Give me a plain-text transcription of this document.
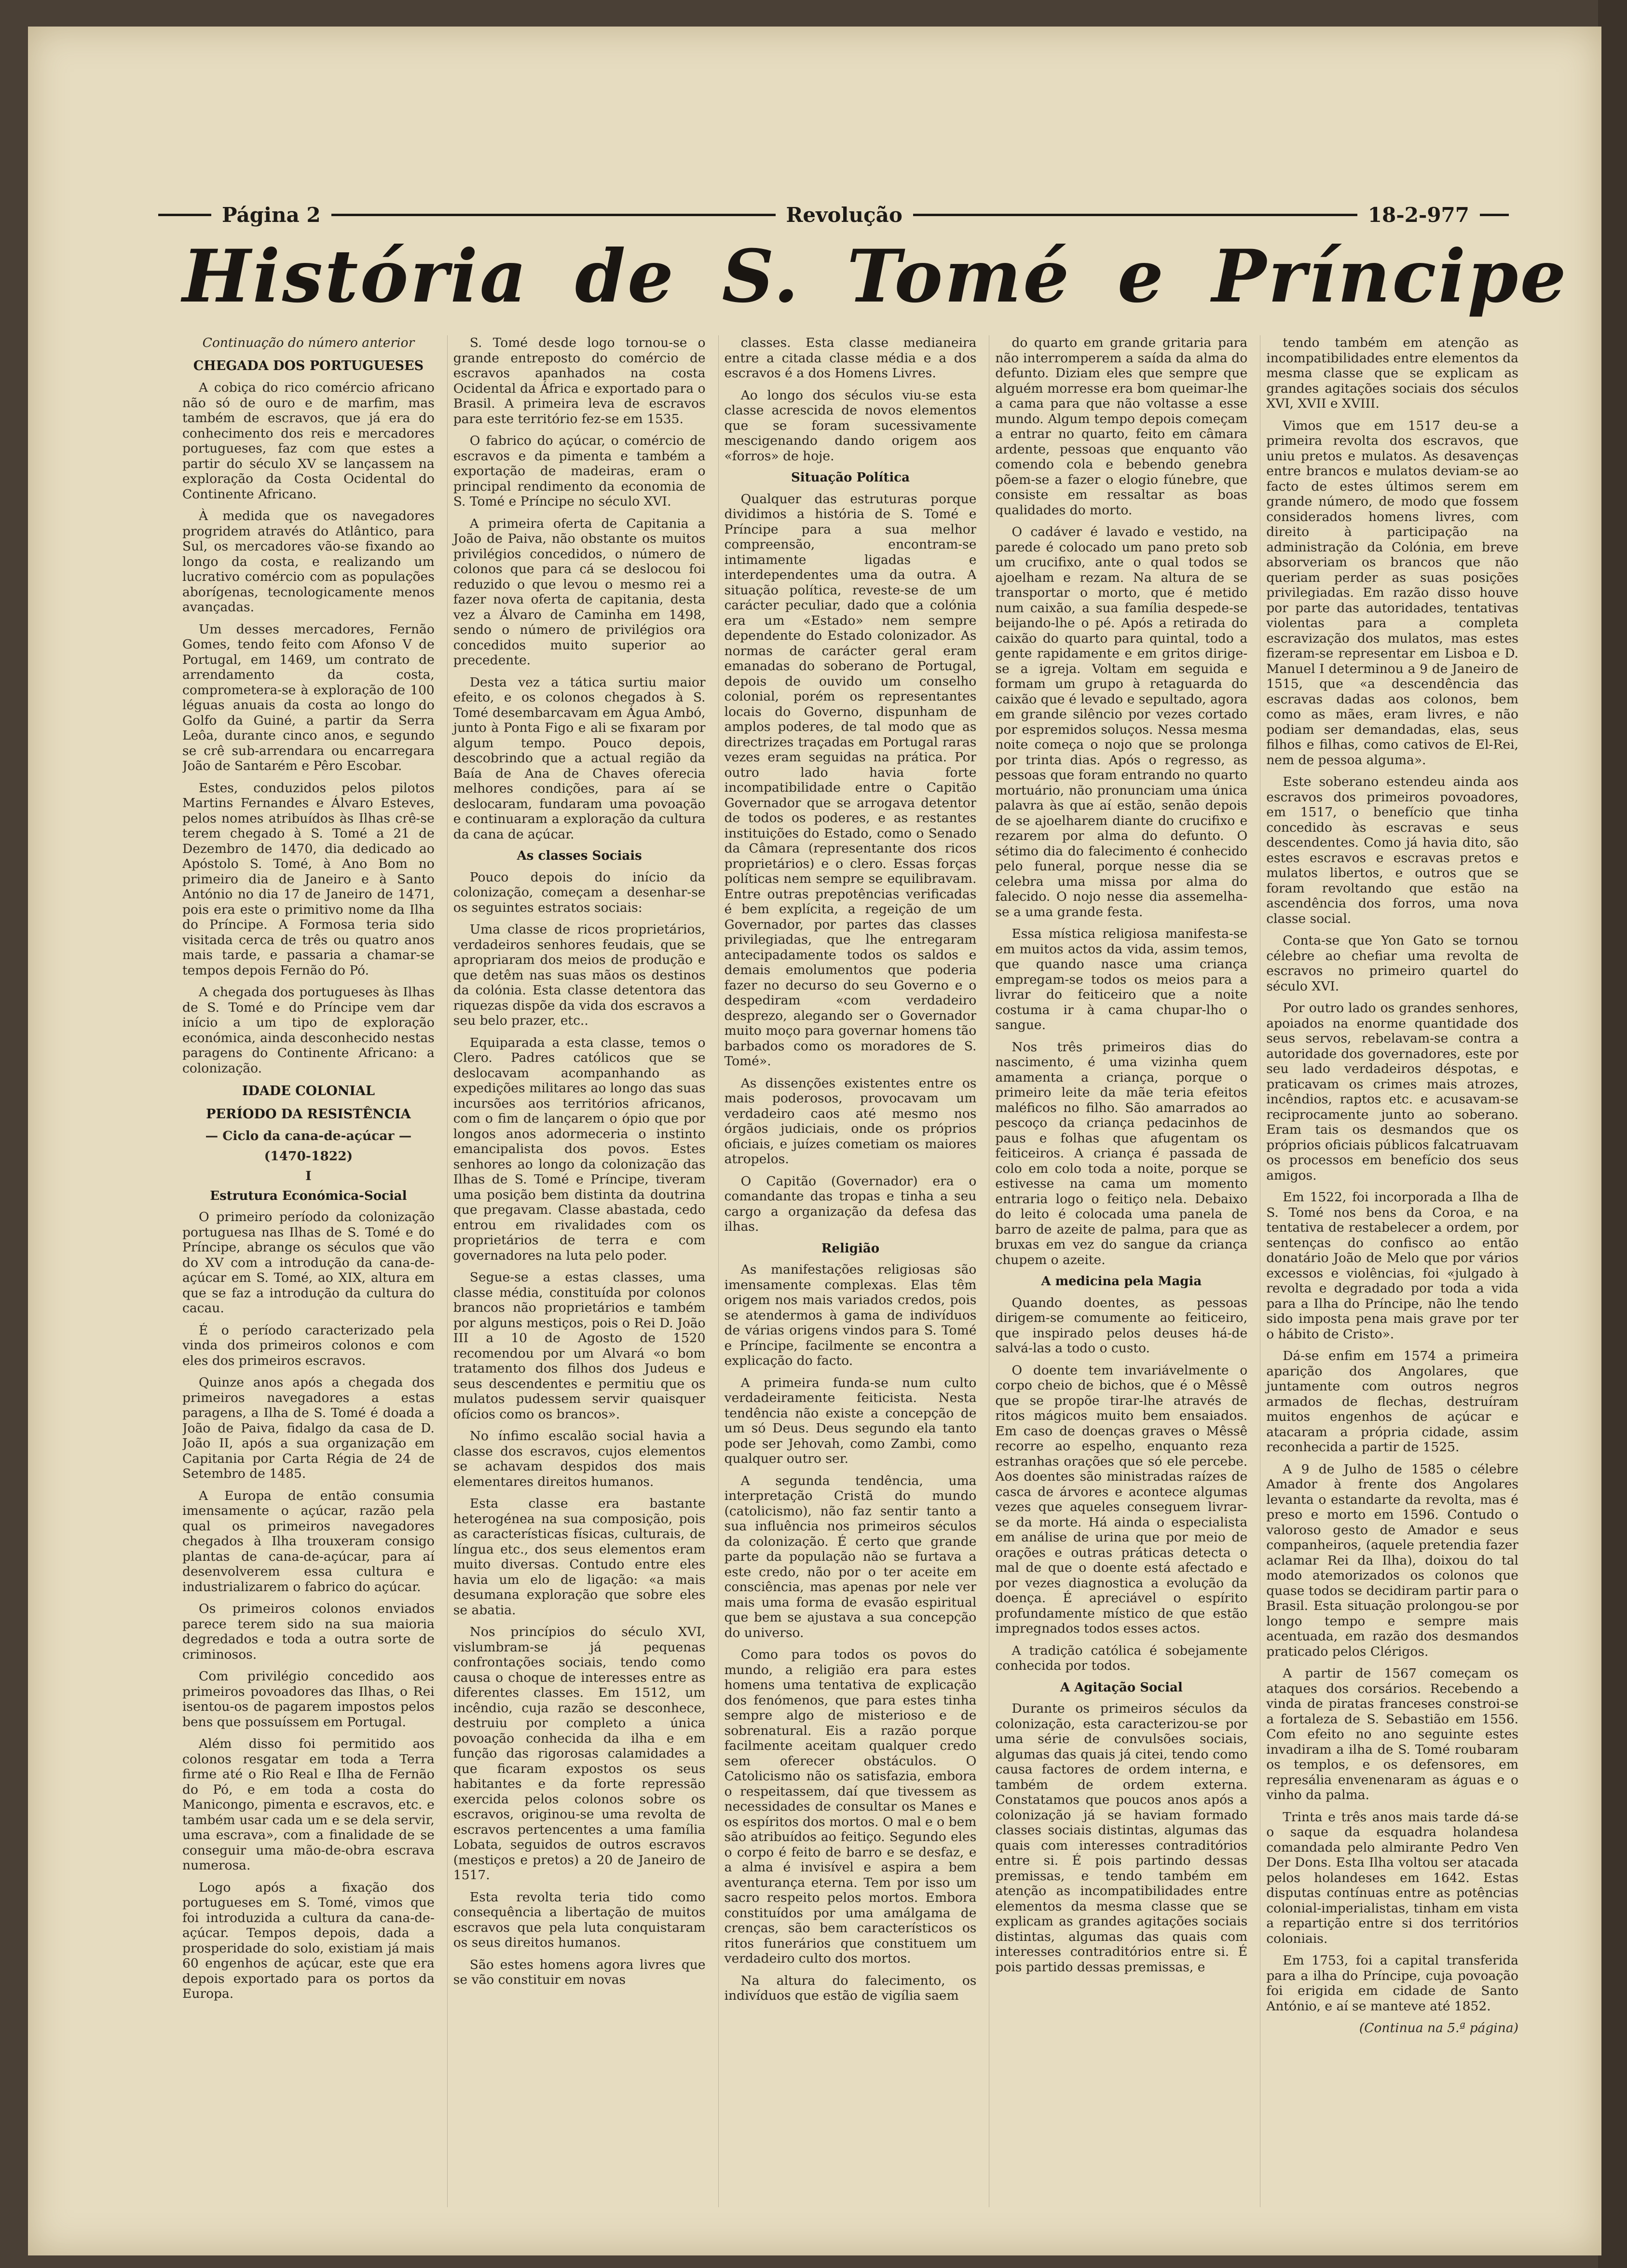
Página 2	Revolução	18-2-977
História de S. Tomé e Príncipe

Continuação do número anterior

CHEGADA DOS PORTUGUESES

A cobiça do rico comércio africano não só de ouro e de marfim, mas também de escravos, que já era do conhecimento dos reis e mercadores portugueses, faz com que estes a partir do século XV se lançassem na exploração da Costa Ocidental do Continente Africano.

À medida que os navegadores progridem através do Atlântico, para Sul, os mercadores vão-se fixando ao longo da costa, e realizando um lucrativo comércio com as populações aborígenas, tecnologicamente menos avançadas.

Um desses mercadores, Fernão Gomes, tendo feito com Afonso V de Portugal, em 1469, um contrato de arrendamento da costa, comprometera-se à exploração de 100 léguas anuais da costa ao longo do Golfo da Guiné, a partir da Serra Leôa, durante cinco anos, e segundo se crê sub-arrendara ou encarregara João de Santarém e Pêro Escobar.

Estes, conduzidos pelos pilotos Martins Fernandes e Álvaro Esteves, pelos nomes atribuídos às Ilhas crê-se terem chegado à S. Tomé a 21 de Dezembro de 1470, dia dedicado ao Apóstolo S. Tomé, à Ano Bom no primeiro dia de Janeiro e à Santo António no dia 17 de Janeiro de 1471, pois era este o primitivo nome da Ilha do Príncipe. A Formosa teria sido visitada cerca de três ou quatro anos mais tarde, e passaria a chamar-se tempos depois Fernão do Pó.

A chegada dos portugueses às Ilhas de S. Tomé e do Príncipe vem dar início a um tipo de exploração económica, ainda desconhecido nestas paragens do Continente Africano: a colonização.

IDADE COLONIAL
PERÍODO DA RESISTÊNCIA

— Ciclo da cana-de-açúcar —

(1470-1822)

I

Estrutura Económica-Social

O primeiro período da colonização portuguesa nas Ilhas de S. Tomé e do Príncipe, abrange os séculos que vão do XV com a introdução da cana-de-açúcar em S. Tomé, ao XIX, altura em que se faz a introdução da cultura do cacau.

É o período caracterizado pela vinda dos primeiros colonos e com eles dos primeiros escravos.

Quinze anos após a chegada dos primeiros navegadores a estas paragens, a Ilha de S. Tomé é doada a João de Paiva, fidalgo da casa de D. João II, após a sua organização em Capitania por Carta Régia de 24 de Setembro de 1485.

A Europa de então consumia imensamente o açúcar, razão pela qual os primeiros navegadores chegados à Ilha trouxeram consigo plantas de cana-de-açúcar, para aí desenvolverem essa cultura e industrializarem o fabrico do açúcar.

Os primeiros colonos enviados parece terem sido na sua maioria degredados e toda a outra sorte de criminosos.

Com privilégio concedido aos primeiros povoadores das Ilhas, o Rei isentou-os de pagarem impostos pelos bens que possuíssem em Portugal.

Além disso foi permitido aos colonos resgatar em toda a Terra firme até o Rio Real e Ilha de Fernão do Pó, e em toda a costa do Manicongo, pimenta e escravos, etc. e também usar cada um e se dela servir, uma escrava», com a finalidade de se conseguir uma mão-de-obra escrava numerosa.

Logo após a fixação dos portugueses em S. Tomé, vimos que foi introduzida a cultura da cana-de-açúcar. Tempos depois, dada a prosperidade do solo, existiam já mais 60 engenhos de açúcar, este que era depois exportado para os portos da Europa.

S. Tomé desde logo tornou-se o grande entreposto do comércio de escravos apanhados na costa Ocidental da África e exportado para o Brasil. A primeira leva de escravos para este território fez-se em 1535.

O fabrico do açúcar, o comércio de escravos e da pimenta e também a exportação de madeiras, eram o principal rendimento da economia de S. Tomé e Príncipe no século XVI.

A primeira oferta de Capitania a João de Paiva, não obstante os muitos privilégios concedidos, o número de colonos que para cá se deslocou foi reduzido o que levou o mesmo rei a fazer nova oferta de capitania, desta vez a Álvaro de Caminha em 1498, sendo o número de privilégios ora concedidos muito superior ao precedente.

Desta vez a tática surtiu maior efeito, e os colonos chegados à S. Tomé desembarcavam em Água Ambó, junto à Ponta Figo e ali se fixaram por algum tempo. Pouco depois, descobrindo que a actual região da Baía de Ana de Chaves oferecia melhores condições, para aí se deslocaram, fundaram uma povoação e continuaram a exploração da cultura da cana de açúcar.

As classes Sociais

Pouco depois do início da colonização, começam a desenhar-se os seguintes estratos sociais:

Uma classe de ricos proprietários, verdadeiros senhores feudais, que se apropriaram dos meios de produção e que detêm nas suas mãos os destinos da colónia. Esta classe detentora das riquezas dispõe da vida dos escravos a seu belo prazer, etc..

Equiparada a esta classe, temos o Clero. Padres católicos que se deslocavam acompanhando as expedições militares ao longo das suas incursões aos territórios africanos, com o fim de lançarem o ópio que por longos anos adormeceria o instinto emancipalista dos povos. Estes senhores ao longo da colonização das Ilhas de S. Tomé e Príncipe, tiveram uma posição bem distinta da doutrina que pregavam. Classe abastada, cedo entrou em rivalidades com os proprietários de terra e com governadores na luta pelo poder.

Segue-se a estas classes, uma classe média, constituída por colonos brancos não proprietários e também por alguns mestiços, pois o Rei D. João III a 10 de Agosto de 1520 recomendou por um Alvará «o bom tratamento dos filhos dos Judeus e seus descendentes e permitiu que os mulatos pudessem servir quaisquer ofícios como os brancos».

No ínfimo escalão social havia a classe dos escravos, cujos elementos se achavam despidos dos mais elementares direitos humanos.

Esta classe era bastante heterogénea na sua composição, pois as características físicas, culturais, de língua etc., dos seus elementos eram muito diversas. Contudo entre eles havia um elo de ligação: «a mais desumana exploração que sobre eles se abatia.

Nos princípios do século XVI, vislumbram-se já pequenas confrontações sociais, tendo como causa o choque de interesses entre as diferentes classes. Em 1512, um incêndio, cuja razão se desconhece, destruiu por completo a única povoação conhecida da ilha e em função das rigorosas calamidades a que ficaram expostos os seus habitantes e da forte repressão exercida pelos colonos sobre os escravos, originou-se uma revolta de escravos pertencentes a uma família Lobata, seguidos de outros escravos (mestiços e pretos) a 20 de Janeiro de 1517.

Esta revolta teria tido como consequência a libertação de muitos escravos que pela luta conquistaram os seus direitos humanos.

São estes homens agora livres que se vão constituir em novas

classes. Esta classe medianeira entre a citada classe média e a dos escravos é a dos Homens Livres.

Ao longo dos séculos viu-se esta classe acrescida de novos elementos que se foram sucessivamente mescigenando dando origem aos «forros» de hoje.

Situação Política

Qualquer das estruturas porque dividimos a história de S. Tomé e Príncipe para a sua melhor compreensão, encontram-se intimamente ligadas e interdependentes uma da outra. A situação política, reveste-se de um carácter peculiar, dado que a colónia era um «Estado» nem sempre dependente do Estado colonizador. As normas de carácter geral eram emanadas do soberano de Portugal, depois de ouvido um conselho colonial, porém os representantes locais do Governo, dispunham de amplos poderes, de tal modo que as directrizes traçadas em Portugal raras vezes eram seguidas na prática. Por outro lado havia forte incompatibilidade entre o Capitão Governador que se arrogava detentor de todos os poderes, e as restantes instituições do Estado, como o Senado da Câmara (representante dos ricos proprietários) e o clero. Essas forças políticas nem sempre se equilibravam. Entre outras prepotências verificadas é bem explícita, a regeição de um Governador, por partes das classes privilegiadas, que lhe entregaram antecipadamente todos os saldos e demais emolumentos que poderia fazer no decurso do seu Governo e o despediram «com verdadeiro desprezo, alegando ser o Governador muito moço para governar homens tão barbados como os moradores de S. Tomé».

As dissenções existentes entre os mais poderosos, provocavam um verdadeiro caos até mesmo nos órgãos judiciais, onde os próprios oficiais, e juízes cometiam os maiores atropelos.

O Capitão (Governador) era o comandante das tropas e tinha a seu cargo a organização da defesa das ilhas.

Religião

As manifestações religiosas são imensamente complexas. Elas têm origem nos mais variados credos, pois se atendermos à gama de indivíduos de várias origens vindos para S. Tomé e Príncipe, facilmente se encontra a explicação do facto.

A primeira funda-se num culto verdadeiramente feiticista. Nesta tendência não existe a concepção de um só Deus. Deus segundo ela tanto pode ser Jehovah, como Zambi, como qualquer outro ser.

A segunda tendência, uma interpretação Cristã do mundo (catolicismo), não faz sentir tanto a sua influência nos primeiros séculos da colonização. É certo que grande parte da população não se furtava a este credo, não por o ter aceite em consciência, mas apenas por nele ver mais uma forma de evasão espiritual que bem se ajustava a sua concepção do universo.

Como para todos os povos do mundo, a religião era para estes homens uma tentativa de explicação dos fenómenos, que para estes tinha sempre algo de misterioso e de sobrenatural. Eis a razão porque facilmente aceitam qualquer credo sem oferecer obstáculos. O Catolicismo não os satisfazia, embora o respeitassem, daí que tivessem as necessidades de consultar os Manes e os espíritos dos mortos. O mal e o bem são atribuídos ao feitiço. Segundo eles o corpo é feito de barro e se desfaz, e a alma é invisível e aspira a bem aventurança eterna. Tem por isso um sacro respeito pelos mortos. Embora constituídos por uma amálgama de crenças, são bem característicos os ritos funerários que constituem um verdadeiro culto dos mortos.

Na altura do falecimento, os indivíduos que estão de vigília saem

do quarto em grande gritaria para não interromperem a saída da alma do defunto. Diziam eles que sempre que alguém morresse era bom queimar-lhe a cama para que não voltasse a esse mundo. Algum tempo depois começam a entrar no quarto, feito em câmara ardente, pessoas que enquanto vão comendo cola e bebendo genebra põem-se a fazer o elogio fúnebre, que consiste em ressaltar as boas qualidades do morto.

O cadáver é lavado e vestido, na parede é colocado um pano preto sob um crucifixo, ante o qual todos se ajoelham e rezam. Na altura de se transportar o morto, que é metido num caixão, a sua família despede-se beijando-lhe o pé. Após a retirada do caixão do quarto para quintal, todo a gente rapidamente e em gritos dirige-se a igreja. Voltam em seguida e formam um grupo à retaguarda do caixão que é levado e sepultado, agora em grande silêncio por vezes cortado por espremidos soluços. Nessa mesma noite começa o nojo que se prolonga por trinta dias. Após o regresso, as pessoas que foram entrando no quarto mortuário, não pronunciam uma única palavra às que aí estão, senão depois de se ajoelharem diante do crucifixo e rezarem por alma do defunto. O sétimo dia do falecimento é conhecido pelo funeral, porque nesse dia se celebra uma missa por alma do falecido. O nojo nesse dia assemelha-se a uma grande festa.

Essa mística religiosa manifesta-se em muitos actos da vida, assim temos, que quando nasce uma criança empregam-se todos os meios para a livrar do feiticeiro que a noite costuma ir à cama chupar-lho o sangue.

Nos três primeiros dias do nascimento, é uma vizinha quem amamenta a criança, porque o primeiro leite da mãe teria efeitos maléficos no filho. São amarrados ao pescoço da criança pedacinhos de paus e folhas que afugentam os feiticeiros. A criança é passada de colo em colo toda a noite, porque se estivesse na cama um momento entraria logo o feitiço nela. Debaixo do leito é colocada uma panela de barro de azeite de palma, para que as bruxas em vez do sangue da criança chupem o azeite.

A medicina pela Magia

Quando doentes, as pessoas dirigem-se comumente ao feiticeiro, que inspirado pelos deuses há-de salvá-las a todo o custo.

O doente tem invariávelmente o corpo cheio de bichos, que é o Mêssê que se propõe tirar-lhe através de ritos mágicos muito bem ensaiados. Em caso de doenças graves o Mêssê recorre ao espelho, enquanto reza estranhas orações que só ele percebe. Aos doentes são ministradas raízes de casca de árvores e acontece algumas vezes que aqueles conseguem livrar-se da morte. Há ainda o especialista em análise de urina que por meio de orações e outras práticas detecta o mal de que o doente está afectado e por vezes diagnostica a evolução da doença. É apreciável o espírito profundamente místico de que estão impregnados todos esses actos.

A tradição católica é sobejamente conhecida por todos.

A Agitação Social

Durante os primeiros séculos da colonização, esta caracterizou-se por uma série de convulsões sociais, algumas das quais já citei, tendo como causa factores de ordem interna, e também de ordem externa. Constatamos que poucos anos após a colonização já se haviam formado classes sociais distintas, algumas das quais com interesses contraditórios entre si. É pois partindo dessas premissas, e tendo também em atenção as incompatibilidades entre elementos da mesma classe que se explicam as grandes agitações sociais distintas, algumas das quais com interesses contraditórios entre si. É pois partido dessas premissas, e

tendo também em atenção as incompatibilidades entre elementos da mesma classe que se explicam as grandes agitações sociais dos séculos XVI, XVII e XVIII.

Vimos que em 1517 deu-se a primeira revolta dos escravos, que uniu pretos e mulatos. As desavenças entre brancos e mulatos deviam-se ao facto de estes últimos serem em grande número, de modo que fossem considerados homens livres, com direito à participação na administração da Colónia, em breve absorveriam os brancos que não queriam perder as suas posições privilegiadas. Em razão disso houve por parte das autoridades, tentativas violentas para a completa escravização dos mulatos, mas estes fizeram-se representar em Lisboa e D. Manuel I determinou a 9 de Janeiro de 1515, que «a descendência das escravas dadas aos colonos, bem como as mães, eram livres, e não podiam ser demandadas, elas, seus filhos e filhas, como cativos de El-Rei, nem de pessoa alguma».

Este soberano estendeu ainda aos escravos dos primeiros povoadores, em 1517, o benefício que tinha concedido às escravas e seus descendentes. Como já havia dito, são estes escravos e escravas pretos e mulatos libertos, e outros que se foram revoltando que estão na ascendência dos forros, uma nova classe social.

Conta-se que Yon Gato se tornou célebre ao chefiar uma revolta de escravos no primeiro quartel do século XVI.

Por outro lado os grandes senhores, apoiados na enorme quantidade dos seus servos, rebelavam-se contra a autoridade dos governadores, este por seu lado verdadeiros déspotas, e praticavam os crimes mais atrozes, incêndios, raptos etc. e acusavam-se reciprocamente junto ao soberano. Eram tais os desmandos que os próprios oficiais públicos falcatruavam os processos em benefício dos seus amigos.

Em 1522, foi incorporada a Ilha de S. Tomé nos bens da Coroa, e na tentativa de restabelecer a ordem, por sentenças do confisco ao então donatário João de Melo que por vários excessos e violências, foi «julgado à revolta e degradado por toda a vida para a Ilha do Príncipe, não lhe tendo sido imposta pena mais grave por ter o hábito de Cristo».

Dá-se enfim em 1574 a primeira aparição dos Angolares, que juntamente com outros negros armados de flechas, destruíram muitos engenhos de açúcar e atacaram a própria cidade, assim reconhecida a partir de 1525.

A 9 de Julho de 1585 o célebre Amador à frente dos Angolares levanta o estandarte da revolta, mas é preso e morto em 1596. Contudo o valoroso gesto de Amador e seus companheiros, (aquele pretendia fazer aclamar Rei da Ilha), doixou do tal modo atemorizados os colonos que quase todos se decidiram partir para o Brasil. Esta situação prolongou-se por longo tempo e sempre mais acentuada, em razão dos desmandos praticado pelos Clérigos.

A partir de 1567 começam os ataques dos corsários. Recebendo a vinda de piratas franceses constroi-se a fortaleza de S. Sebastião em 1556. Com efeito no ano seguinte estes invadiram a ilha de S. Tomé roubaram os templos, e os defensores, em represália envenenaram as águas e o vinho da palma.

Trinta e três anos mais tarde dá-se o saque da esquadra holandesa comandada pelo almirante Pedro Ven Der Dons. Esta Ilha voltou ser atacada pelos holandeses em 1642. Estas disputas contínuas entre as potências colonial-imperialistas, tinham em vista a repartição entre si dos territórios coloniais.

Em 1753, foi a capital transferida para a ilha do Príncipe, cuja povoação foi erigida em cidade de Santo António, e aí se manteve até 1852.

(Continua na 5.ª página)
